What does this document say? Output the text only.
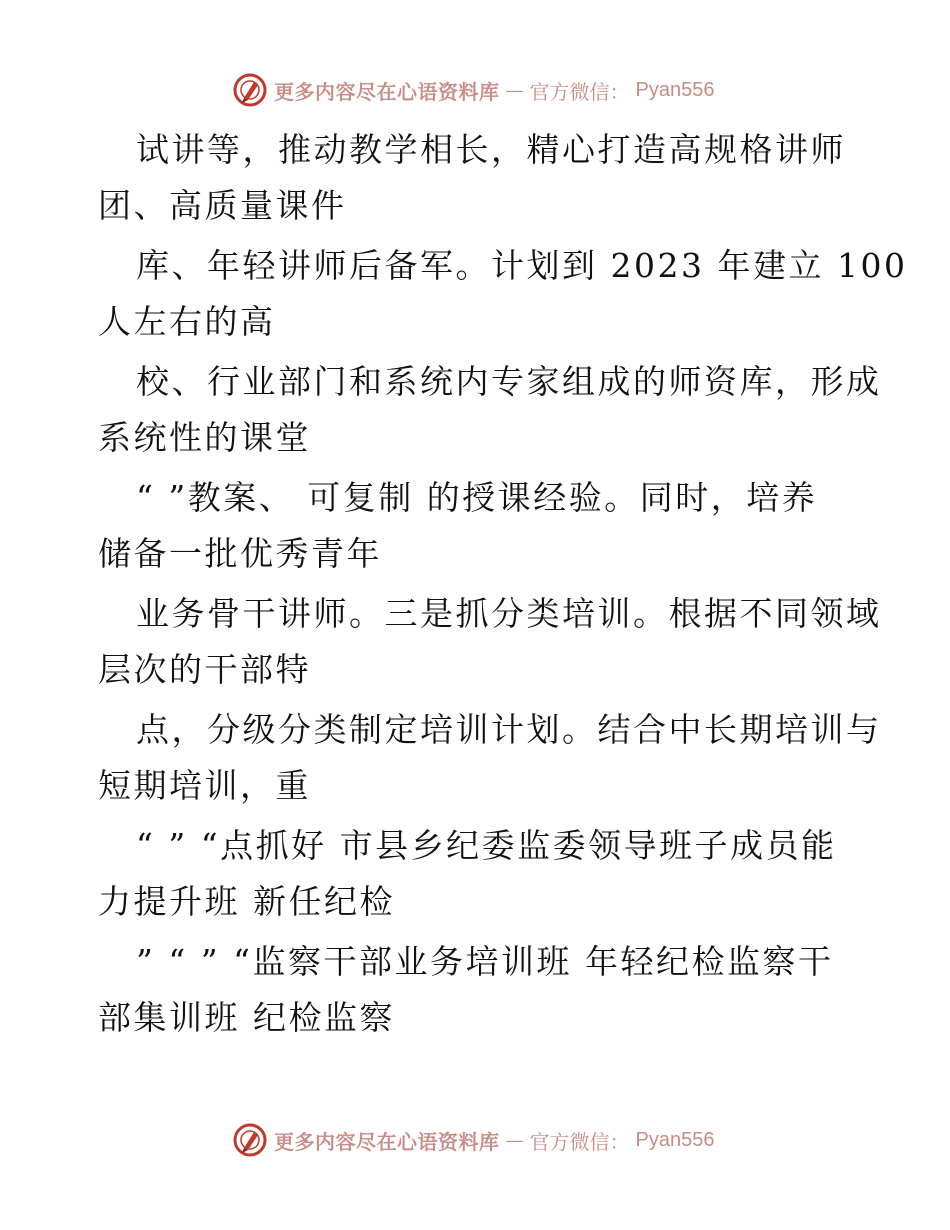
更多内容尽在心语资料库 — 官方微信： Pyan556
试讲等，推动教学相长，精心打造高规格讲师
团、高质量课件
库、年轻讲师后备军。计划到 2023 年建立 100
人左右的高
校、行业部门和系统内专家组成的师资库，形成
系统性的课堂
“ ”教案、 可复制 的授课经验。同时，培养
储备一批优秀青年
业务骨干讲师。三是抓分类培训。根据不同领域
层次的干部特
点，分级分类制定培训计划。结合中长期培训与
短期培训，重
“ ” “点抓好 市县乡纪委监委领导班子成员能
力提升班 新任纪检
” “ ” “监察干部业务培训班 年轻纪检监察干
部集训班 纪检监察
更多内容尽在心语资料库 — 官方微信： Pyan556
